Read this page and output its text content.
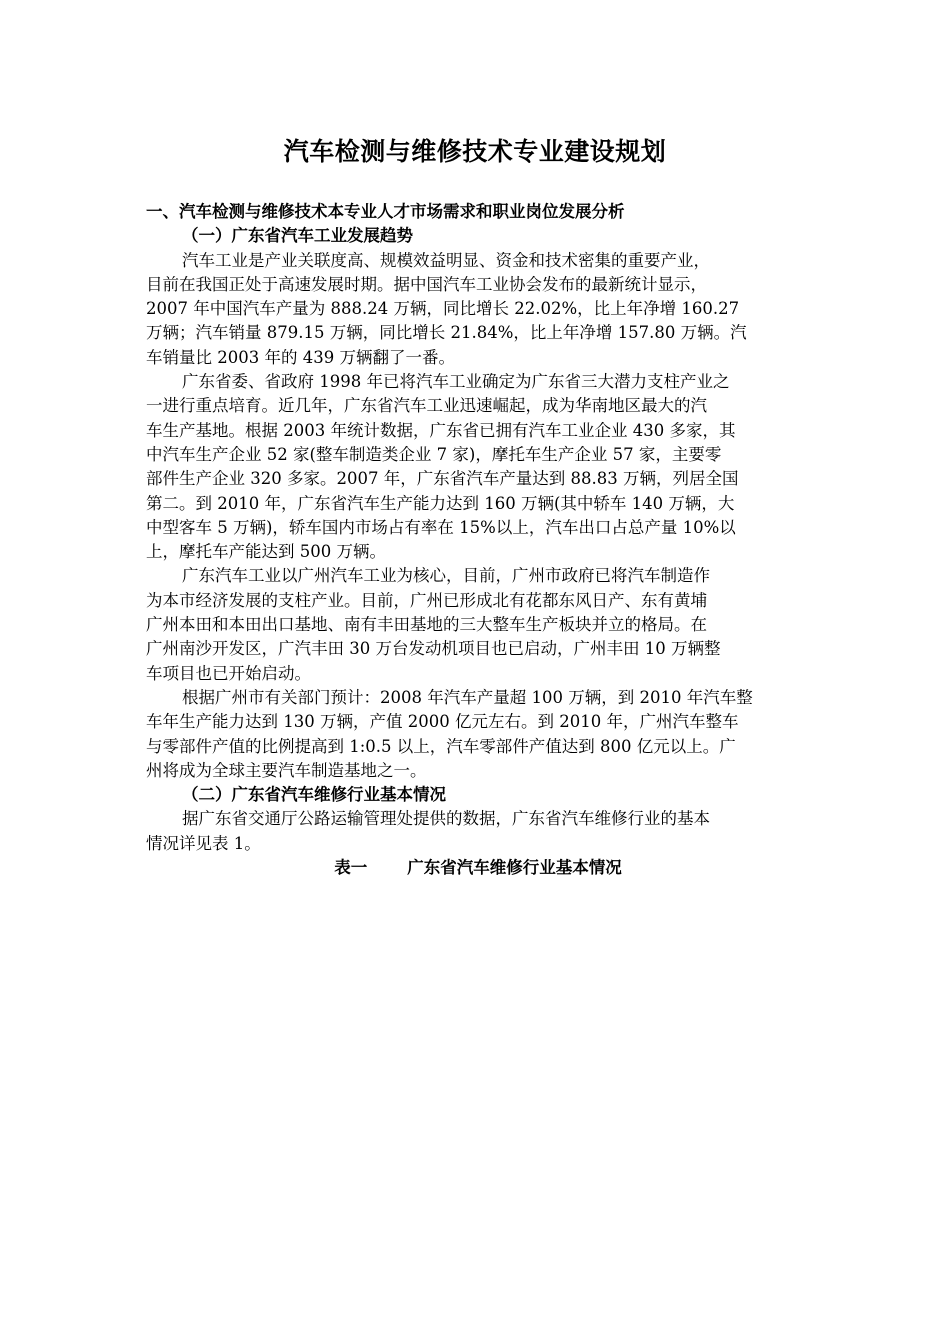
汽车检测与维修技术专业建设规划

一、汽车检测与维修技术本专业人才市场需求和职业岗位发展分析

（一）广东省汽车工业发展趋势

汽车工业是产业关联度高、规模效益明显、资金和技术密集的重要产业，
目前在我国正处于高速发展时期。据中国汽车工业协会发布的最新统计显示，
2007 年中国汽车产量为 888.24 万辆，同比增长 22.02%，比上年净增 160.27
万辆；汽车销量 879.15 万辆，同比增长 21.84%，比上年净增 157.80 万辆。汽
车销量比 2003 年的 439 万辆翻了一番。

广东省委、省政府 1998 年已将汽车工业确定为广东省三大潜力支柱产业之
一进行重点培育。近几年，广东省汽车工业迅速崛起，成为华南地区最大的汽
车生产基地。根据 2003 年统计数据，广东省已拥有汽车工业企业 430 多家，其
中汽车生产企业 52 家(整车制造类企业 7 家)，摩托车生产企业 57 家，主要零
部件生产企业 320 多家。2007 年，广东省汽车产量达到 88.83 万辆，列居全国
第二。到 2010 年，广东省汽车生产能力达到 160 万辆(其中轿车 140 万辆，大
中型客车 5 万辆)，轿车国内市场占有率在 15%以上，汽车出口占总产量 10%以
上，摩托车产能达到 500 万辆。

广东汽车工业以广州汽车工业为核心，目前，广州市政府已将汽车制造作
为本市经济发展的支柱产业。目前，广州已形成北有花都东风日产、东有黄埔
广州本田和本田出口基地、南有丰田基地的三大整车生产板块并立的格局。在
广州南沙开发区，广汽丰田 30 万台发动机项目也已启动，广州丰田 10 万辆整
车项目也已开始启动。

根据广州市有关部门预计：2008 年汽车产量超 100 万辆，到 2010 年汽车整
车年生产能力达到 130 万辆，产值 2000 亿元左右。到 2010 年，广州汽车整车
与零部件产值的比例提高到 1:0.5 以上，汽车零部件产值达到 800 亿元以上。广
州将成为全球主要汽车制造基地之一。

（二）广东省汽车维修行业基本情况

据广东省交通厅公路运输管理处提供的数据，广东省汽车维修行业的基本
情况详见表 1。

表一 广东省汽车维修行业基本情况
